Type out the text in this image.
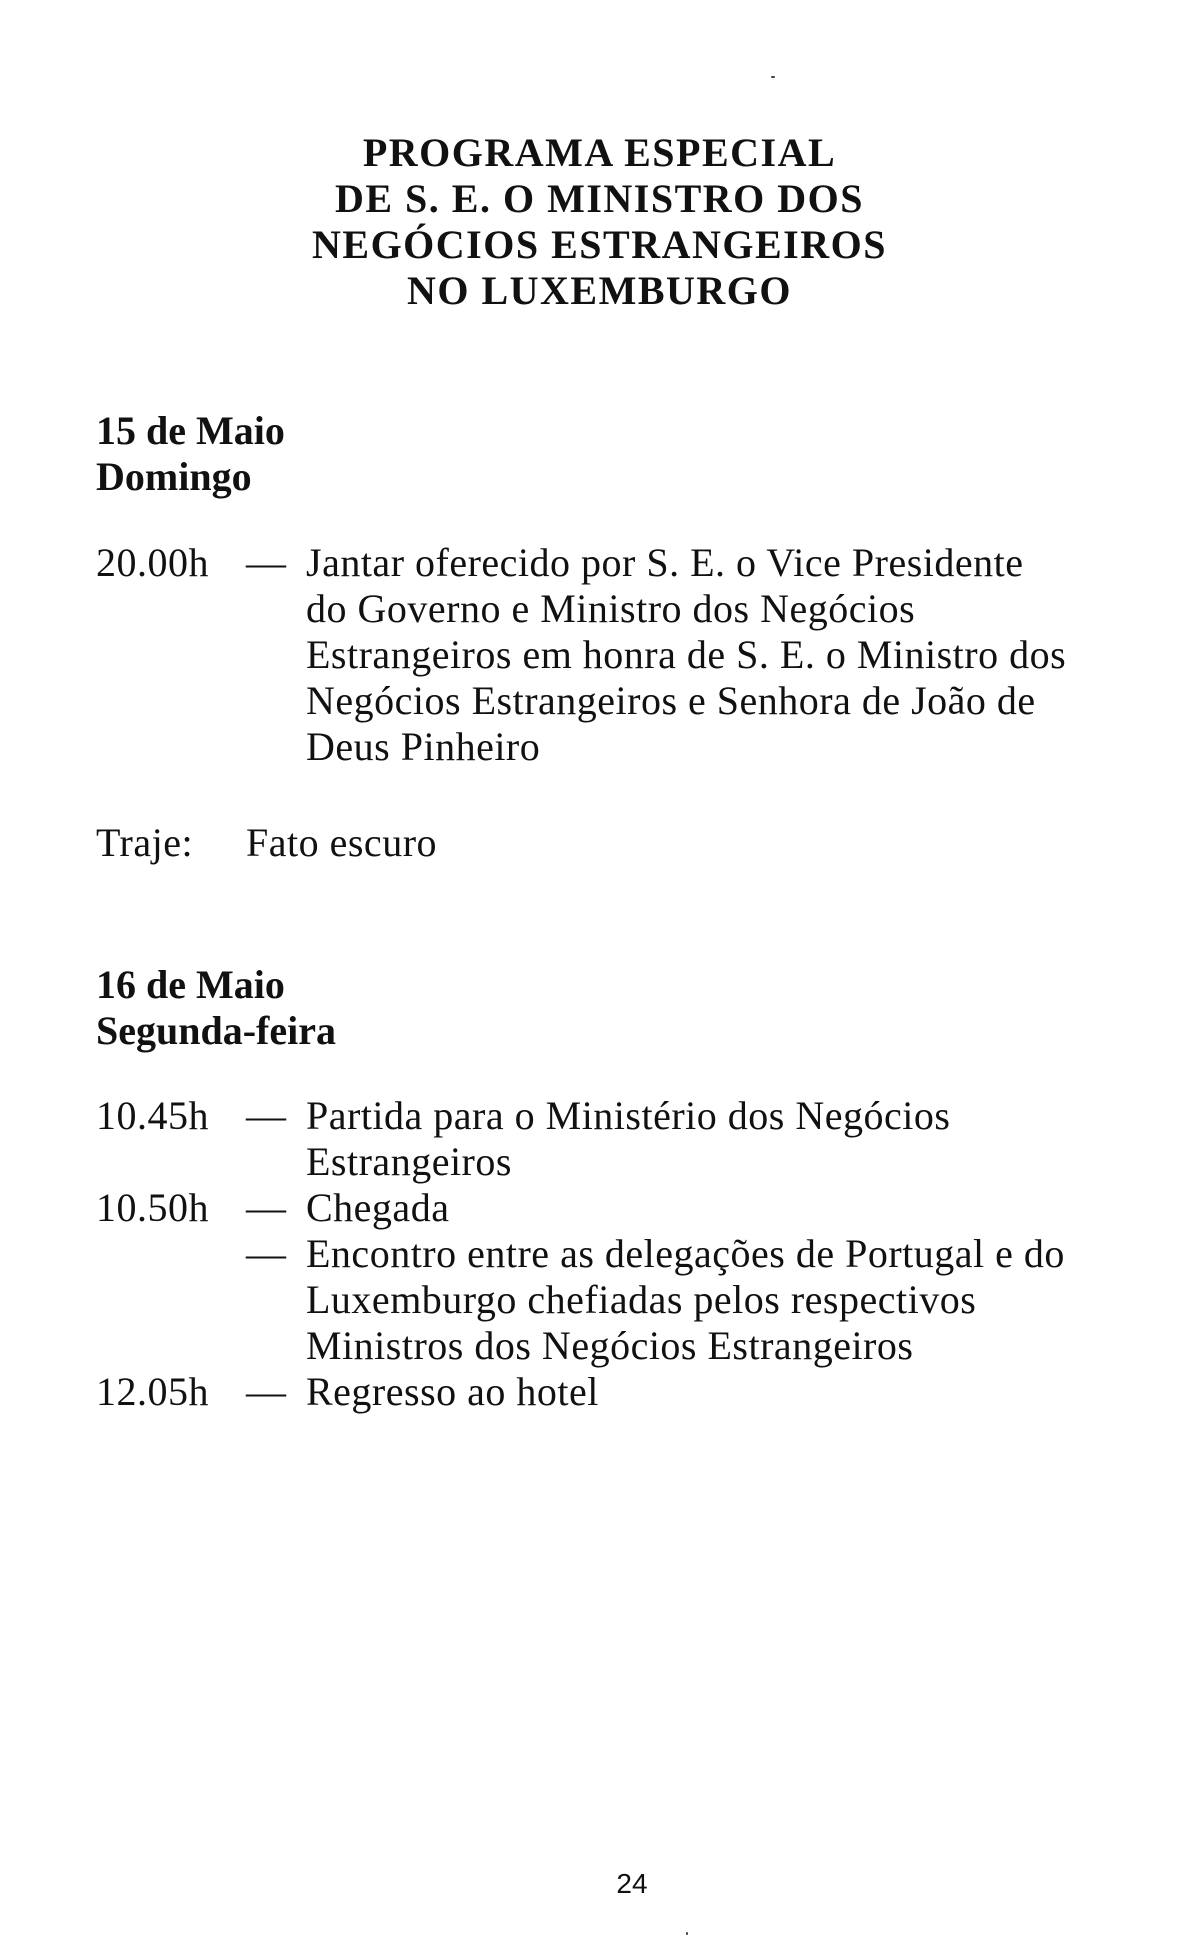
PROGRAMA ESPECIAL
DE S. E. O MINISTRO DOS
NEGÓCIOS ESTRANGEIROS
NO LUXEMBURGO
15 de Maio
Domingo
20.00h — Jantar oferecido por S. E. o Vice Presidente
do Governo e Ministro dos Negócios
Estrangeiros em honra de S. E. o Ministro dos
Negócios Estrangeiros e Senhora de João de
Deus Pinheiro
Traje: Fato escuro
16 de Maio
Segunda-feira
10.45h — Partida para o Ministério dos Negócios
Estrangeiros
10.50h — Chegada
— Encontro entre as delegações de Portugal e do
Luxemburgo chefiadas pelos respectivos
Ministros dos Negócios Estrangeiros
12.05h — Regresso ao hotel
24
